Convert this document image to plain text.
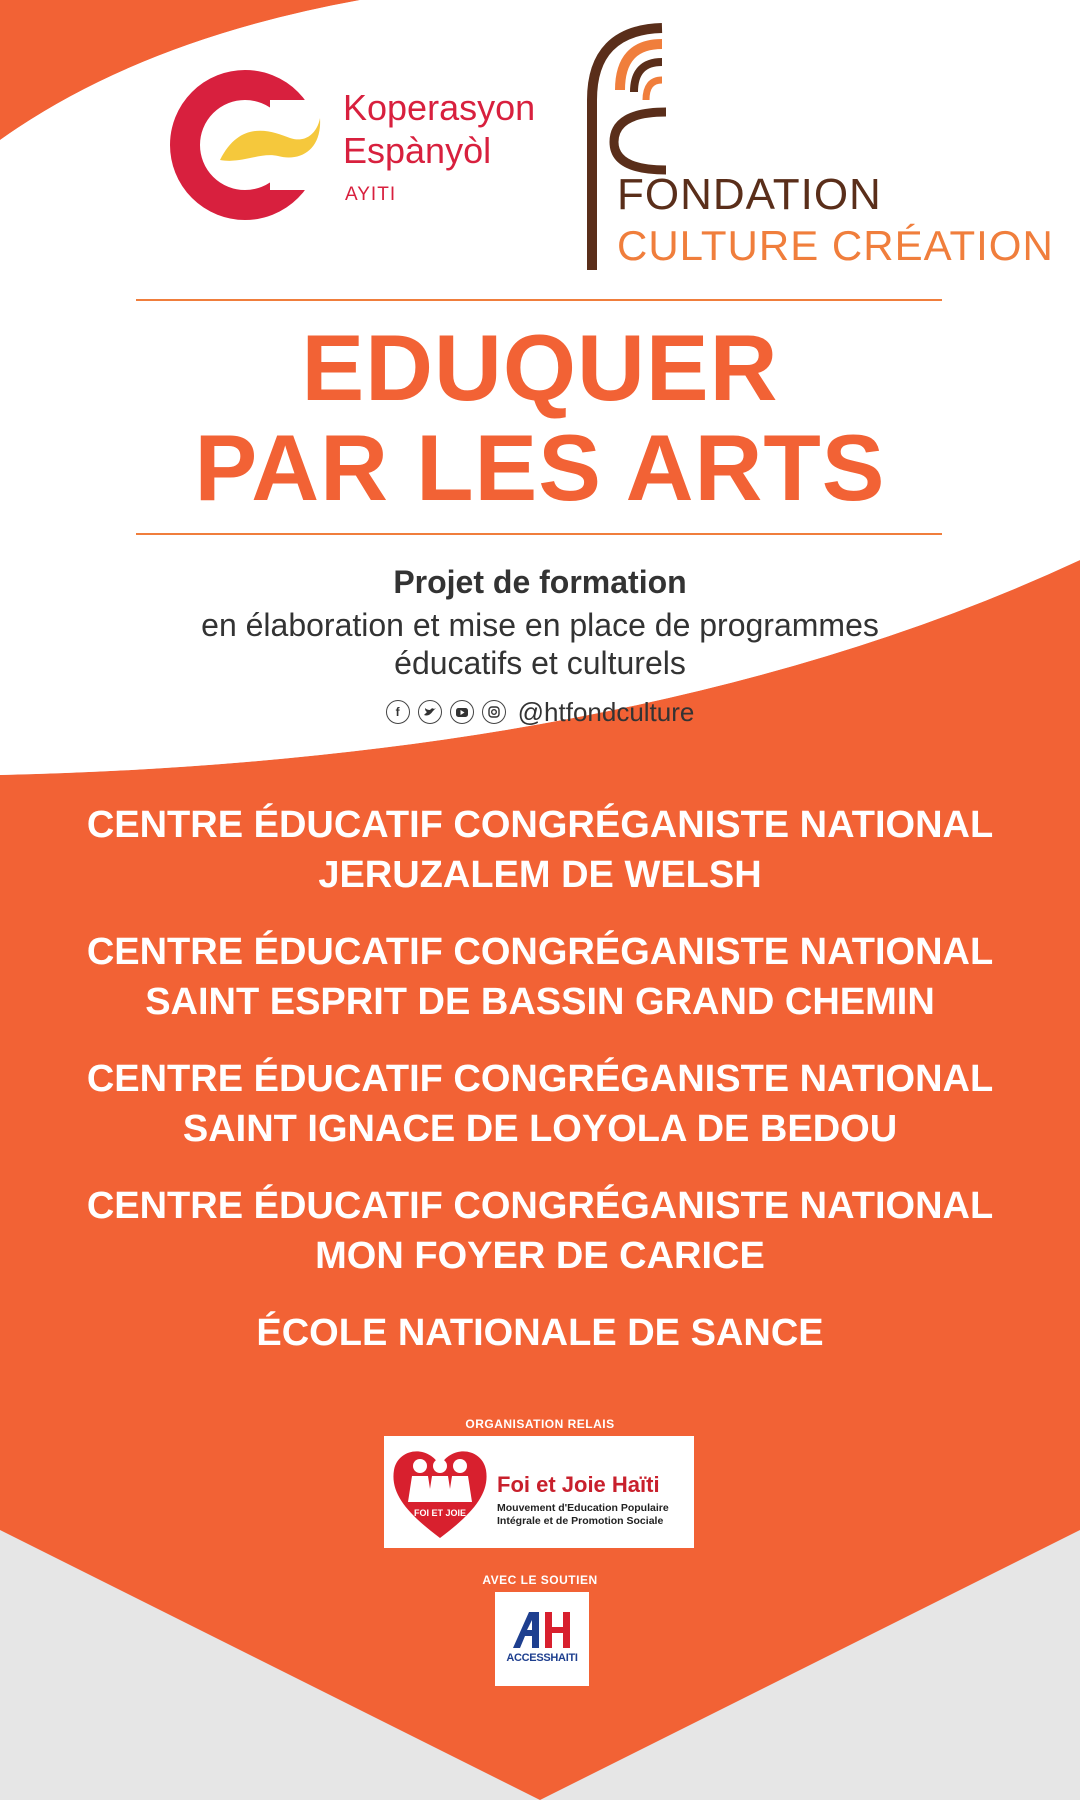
Koperasyon
Espànyòl
AYITI	FONDATION
CULTURE CRÉATION
EDUQUER
PAR LES ARTS
Projet de formation
en élaboration et mise en place de programmes
éducatifs et culturels
f	@htfondculture
CENTRE ÉDUCATIF CONGRÉGANISTE NATIONAL
JERUZALEM DE WELSH
CENTRE ÉDUCATIF CONGRÉGANISTE NATIONAL
SAINT ESPRIT DE BASSIN GRAND CHEMIN
CENTRE ÉDUCATIF CONGRÉGANISTE NATIONAL
SAINT IGNACE DE LOYOLA DE BEDOU
CENTRE ÉDUCATIF CONGRÉGANISTE NATIONAL
MON FOYER DE CARICE
ÉCOLE NATIONALE DE SANCE
ORGANISATION RELAIS
FOI ET JOIE
Foi et Joie Haïti
Mouvement d'Education Populaire
Intégrale et de Promotion Sociale
AVEC LE SOUTIEN
ACCESSHAITI
